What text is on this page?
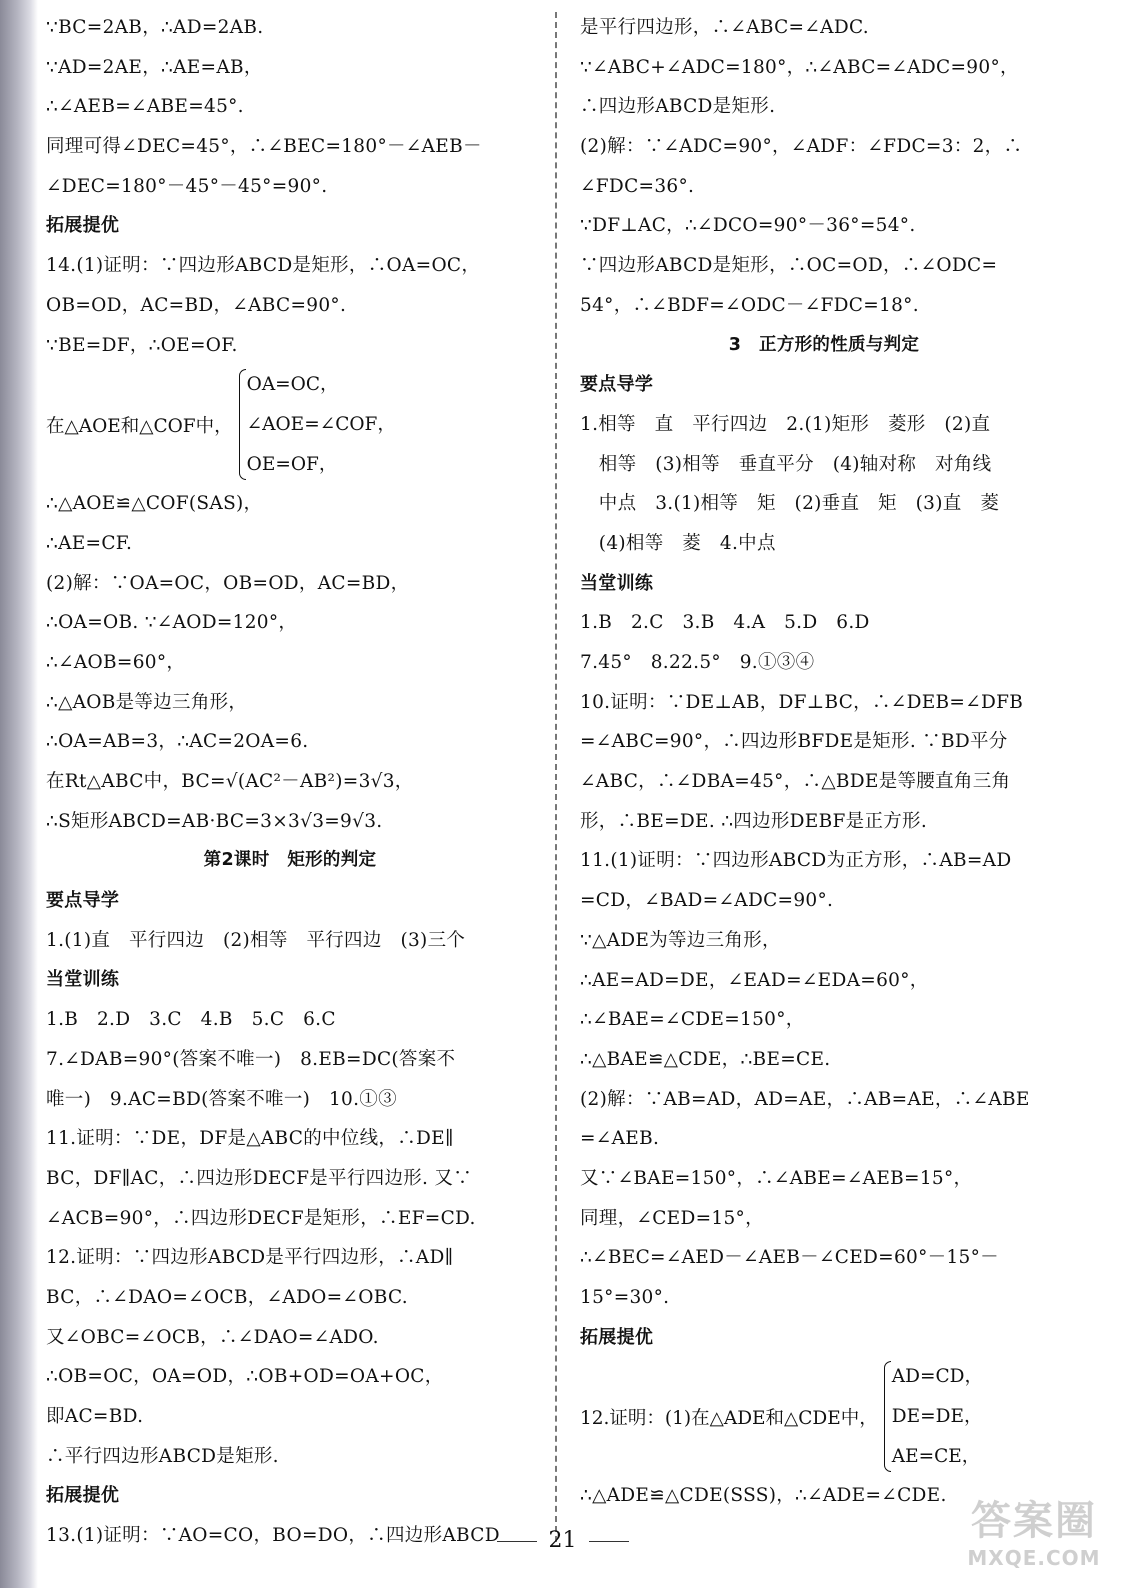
∵BC=2AB，∴AD=2AB.
∵AD=2AE，∴AE=AB，
∴∠AEB=∠ABE=45°.
同理可得∠DEC=45°，∴∠BEC=180°－∠AEB－
∠DEC=180°－45°－45°=90°.
拓展提优
14.(1)证明：∵四边形ABCD是矩形，∴OA=OC，
OB=OD，AC=BD，∠ABC=90°.
∵BE=DF，∴OE=OF.
在△AOE和△COF中，
OA=OC，
∠AOE=∠COF，
OE=OF，
∴△AOE≌△COF(SAS)，
∴AE=CF.
(2)解：∵OA=OC，OB=OD，AC=BD，
∴OA=OB. ∵∠AOD=120°，
∴∠AOB=60°，
∴△AOB是等边三角形，
∴OA=AB=3，∴AC=2OA=6.
在Rt△ABC中，BC=√(AC²－AB²)=3√3，
∴S矩形ABCD=AB·BC=3×3√3=9√3.
第2课时　矩形的判定
要点导学
1.(1)直　平行四边　(2)相等　平行四边　(3)三个
当堂训练
1.B　2.D　3.C　4.B　5.C　6.C
7.∠DAB=90°(答案不唯一)　8.EB=DC(答案不
唯一)　9.AC=BD(答案不唯一)　10.①③
11.证明：∵DE，DF是△ABC的中位线，∴DE∥
BC，DF∥AC，∴四边形DECF是平行四边形. 又∵
∠ACB=90°，∴四边形DECF是矩形，∴EF=CD.
12.证明：∵四边形ABCD是平行四边形，∴AD∥
BC，∴∠DAO=∠OCB，∠ADO=∠OBC.
又∠OBC=∠OCB，∴∠DAO=∠ADO.
∴OB=OC，OA=OD，∴OB+OD=OA+OC，
即AC=BD.
∴平行四边形ABCD是矩形.
拓展提优
13.(1)证明：∵AO=CO，BO=DO，∴四边形ABCD
是平行四边形，∴∠ABC=∠ADC.
∵∠ABC+∠ADC=180°，∴∠ABC=∠ADC=90°，
∴四边形ABCD是矩形.
(2)解：∵∠ADC=90°，∠ADF：∠FDC=3：2，∴
∠FDC=36°.
∵DF⊥AC，∴∠DCO=90°－36°=54°.
∵四边形ABCD是矩形，∴OC=OD，∴∠ODC=
54°，∴∠BDF=∠ODC－∠FDC=18°.
3　正方形的性质与判定
要点导学
1.相等　直　平行四边　2.(1)矩形　菱形　(2)直
　相等　(3)相等　垂直平分　(4)轴对称　对角线
　中点　3.(1)相等　矩　(2)垂直　矩　(3)直　菱
　(4)相等　菱　4.中点
当堂训练
1.B　2.C　3.B　4.A　5.D　6.D
7.45°　8.22.5°　9.①③④
10.证明：∵DE⊥AB，DF⊥BC，∴∠DEB=∠DFB
=∠ABC=90°，∴四边形BFDE是矩形. ∵BD平分
∠ABC，∴∠DBA=45°，∴△BDE是等腰直角三角
形，∴BE=DE. ∴四边形DEBF是正方形.
11.(1)证明：∵四边形ABCD为正方形，∴AB=AD
=CD，∠BAD=∠ADC=90°.
∵△ADE为等边三角形，
∴AE=AD=DE，∠EAD=∠EDA=60°，
∴∠BAE=∠CDE=150°，
∴△BAE≌△CDE，∴BE=CE.
(2)解：∵AB=AD，AD=AE，∴AB=AE，∴∠ABE
=∠AEB.
又∵∠BAE=150°，∴∠ABE=∠AEB=15°，
同理，∠CED=15°，
∴∠BEC=∠AED－∠AEB－∠CED=60°－15°－
15°=30°.
拓展提优
12.证明：(1)在△ADE和△CDE中，
AD=CD，
DE=DE，
AE=CE，
∴△ADE≌△CDE(SSS)，∴∠ADE=∠CDE.
21	答案圈
MXQE.COM
